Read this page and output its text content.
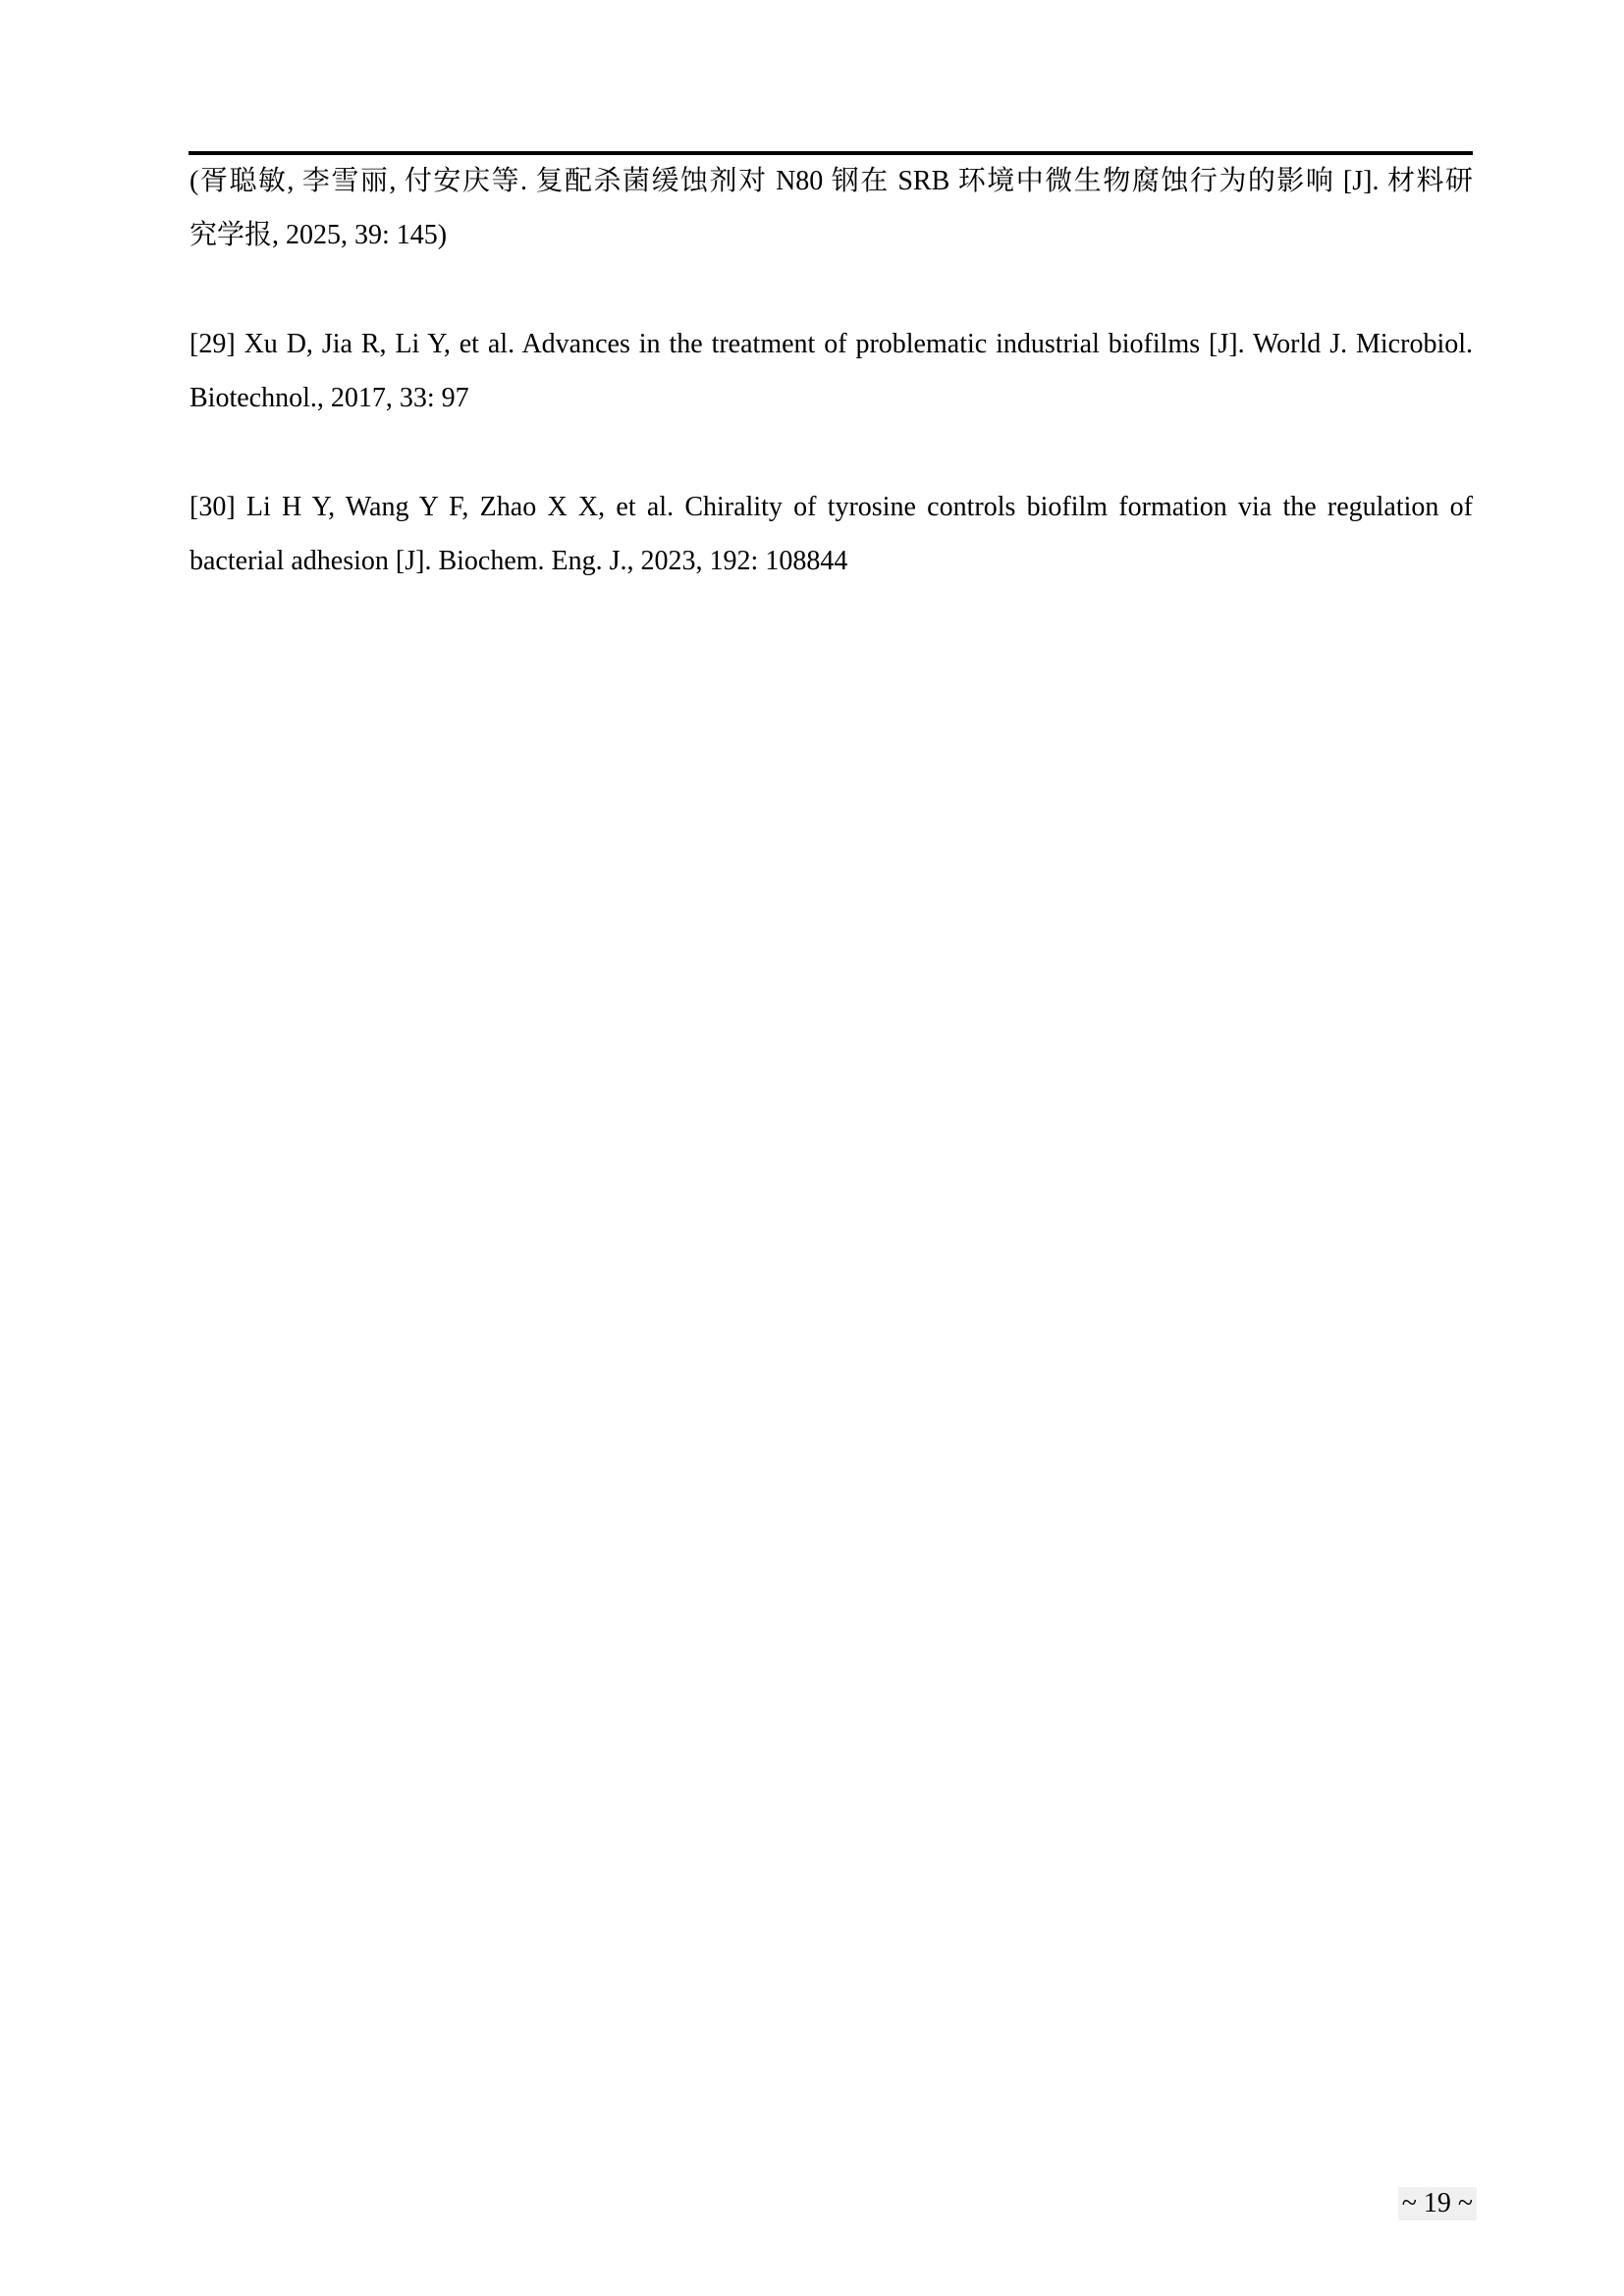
(胥聪敏, 李雪丽, 付安庆等. 复配杀菌缓蚀剂对 N80 钢在 SRB 环境中微生物腐蚀行为的影响 [J]. 材料研
究学报, 2025, 39: 145)

[29] Xu D, Jia R, Li Y, et al. Advances in the treatment of problematic industrial biofilms [J]. World J. Microbiol.
Biotechnol., 2017, 33: 97

[30] Li H Y, Wang Y F, Zhao X X, et al. Chirality of tyrosine controls biofilm formation via the regulation of
bacterial adhesion [J]. Biochem. Eng. J., 2023, 192: 108844

~ 19 ~
